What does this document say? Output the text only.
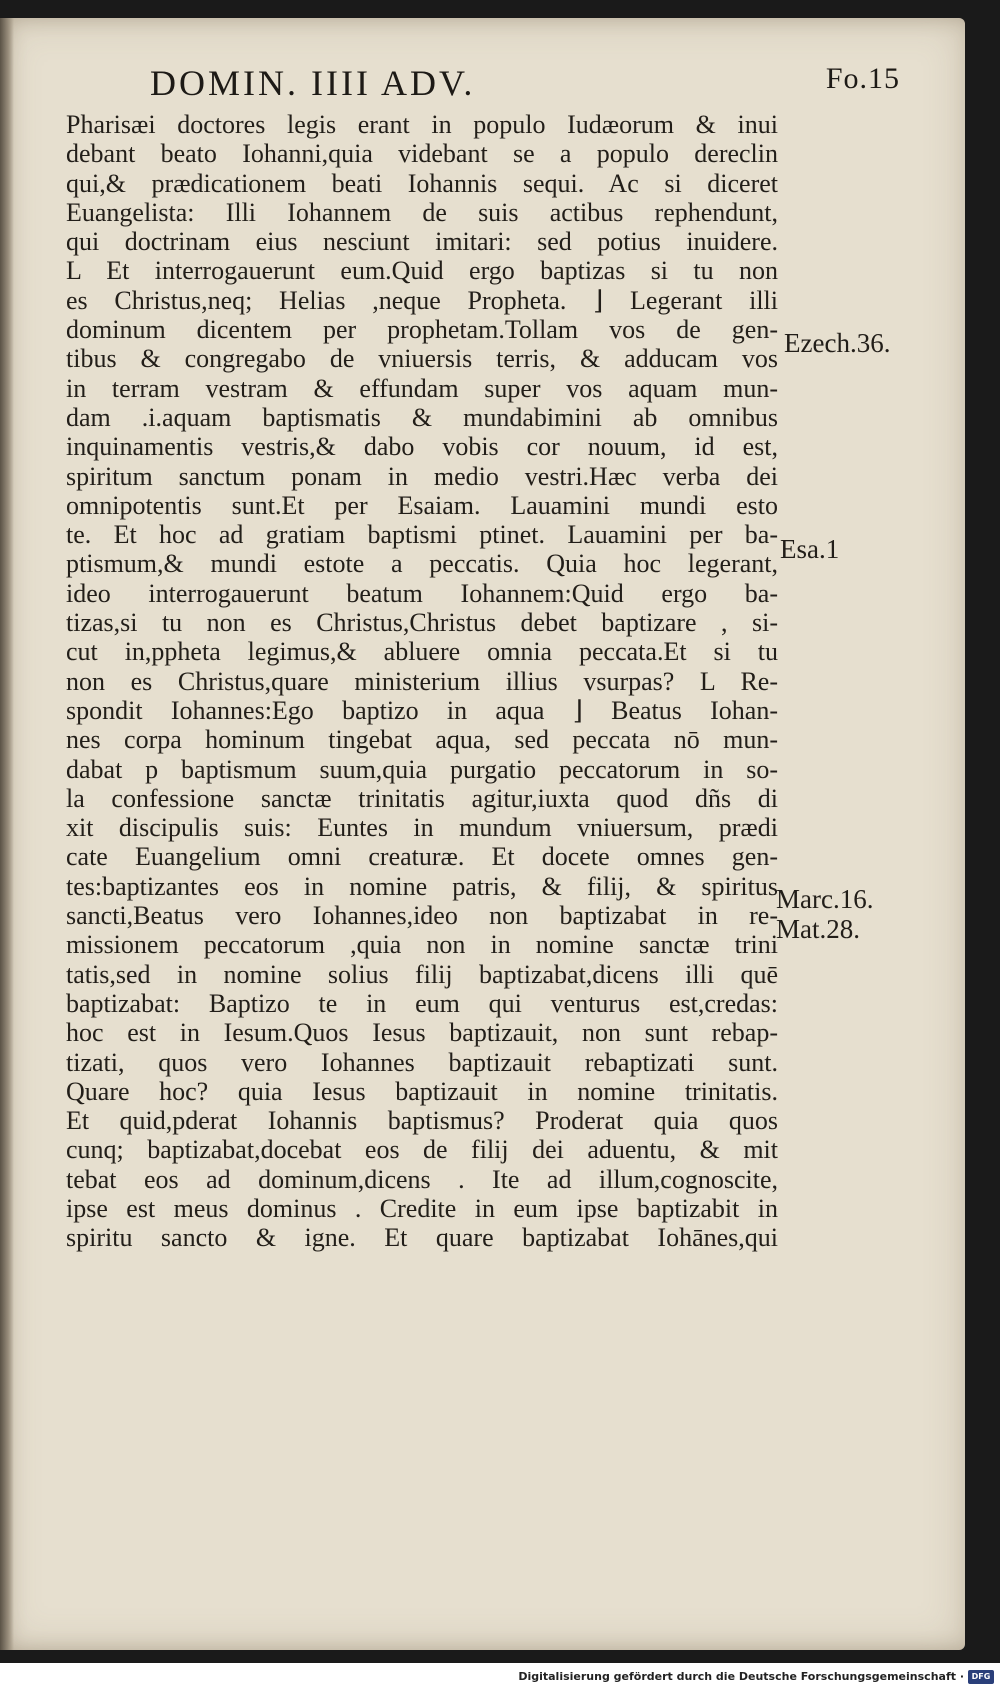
DOMIN. IIII ADV.	Fo.15
Pharisæi doctores legis erant in populo Iudæorum & inui
debant beato Iohanni,quia videbant se a populo dereclin
qui,& prædicationem beati Iohannis sequi. Ac si diceret
Euangelista: Illi Iohannem de suis actibus rephendunt,
qui doctrinam eius nesciunt imitari: sed potius inuidere.
L Et interrogauerunt eum.Quid ergo baptizas si tu non
es Christus,neq; Helias ,neque Propheta. ⌋ Legerant illi
dominum dicentem per prophetam.Tollam vos de gen-
tibus & congregabo de vniuersis terris, & adducam vos
in terram vestram & effundam super vos aquam mun-
dam .i.aquam baptismatis & mundabimini ab omnibus
inquinamentis vestris,& dabo vobis cor nouum, id est,
spiritum sanctum ponam in medio vestri.Hæc verba dei
omnipotentis sunt.Et per Esaiam. Lauamini mundi esto
te. Et hoc ad gratiam baptismi ptinet. Lauamini per ba-
ptismum,& mundi estote a peccatis. Quia hoc legerant,
ideo interrogauerunt beatum Iohannem:Quid ergo ba-
tizas,si tu non es Christus,Christus debet baptizare , si-
cut in,ppheta legimus,& abluere omnia peccata.Et si tu
non es Christus,quare ministerium illius vsurpas? L Re-
spondit Iohannes:Ego baptizo in aqua ⌋ Beatus Iohan-
nes corpa hominum tingebat aqua, sed peccata nō mun-
dabat p baptismum suum,quia purgatio peccatorum in so-
la confessione sanctæ trinitatis agitur,iuxta quod dñs di
xit discipulis suis: Euntes in mundum vniuersum, prædi
cate Euangelium omni creaturæ. Et docete omnes gen-
tes:baptizantes eos in nomine patris, & filij, & spiritus
sancti,Beatus vero Iohannes,ideo non baptizabat in re-
missionem peccatorum ,quia non in nomine sanctæ trini
tatis,sed in nomine solius filij baptizabat,dicens illi quē
baptizabat: Baptizo te in eum qui venturus est,credas:
hoc est in Iesum.Quos Iesus baptizauit, non sunt rebap-
tizati, quos vero Iohannes baptizauit rebaptizati sunt.
Quare hoc? quia Iesus baptizauit in nomine trinitatis.
Et quid,pderat Iohannis baptismus? Proderat quia quos
cunq; baptizabat,docebat eos de filij dei aduentu, & mit
tebat eos ad dominum,dicens . Ite ad illum,cognoscite,
ipse est meus dominus . Credite in eum ipse baptizabit in
spiritu sancto & igne. Et quare baptizabat Iohānes,qui
Ezech.36.
Esa.1
Marc.16.
Mat.28.
Digitalisierung gefördert durch die Deutsche Forschungsgemeinschaft · DFG
